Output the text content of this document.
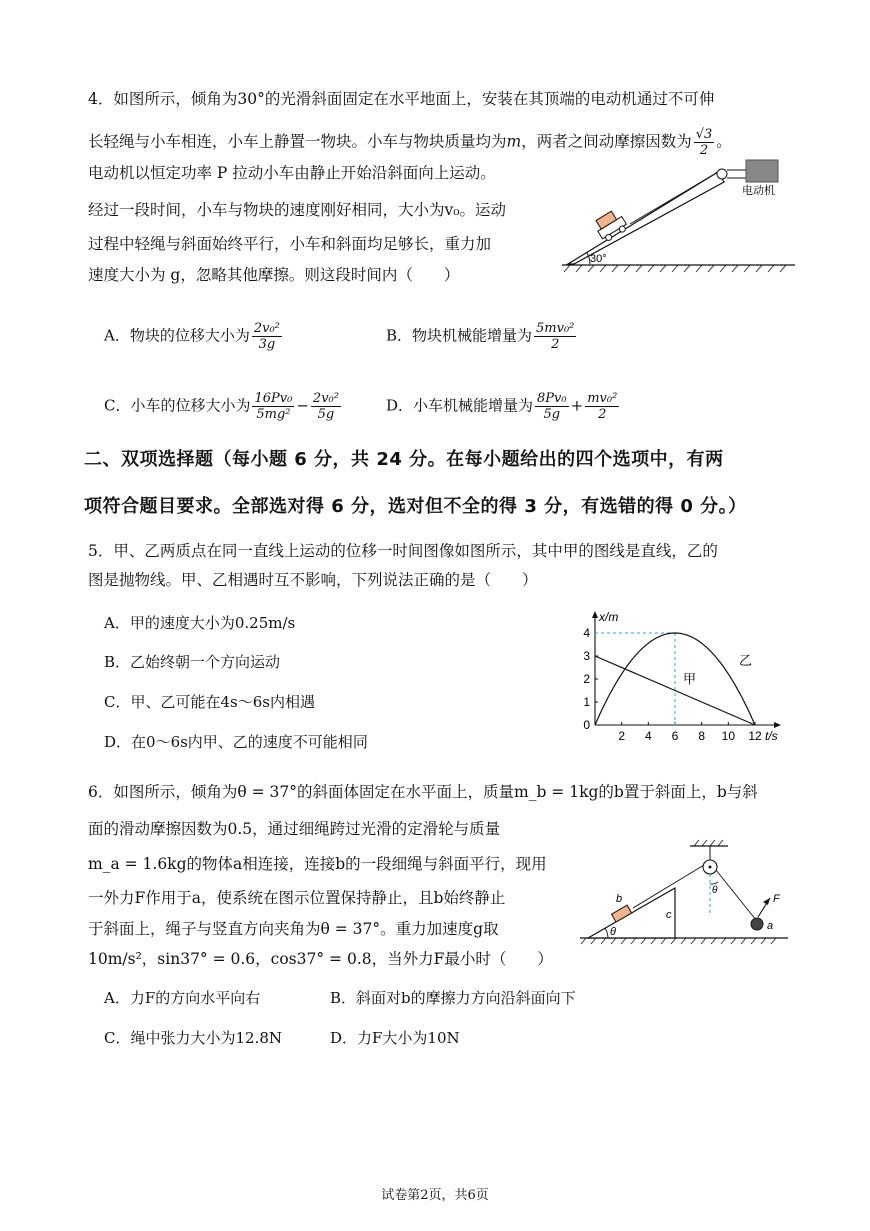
4．如图所示，倾角为30°的光滑斜面固定在水平地面上，安装在其顶端的电动机通过不可伸
长轻绳与小车相连，小车上静置一物块。小车与物块质量均为m，两者之间动摩擦因数为 $\frac{√3}{2}$ 。
电动机以恒定功率 P 拉动小车由静止开始沿斜面向上运动。
经过一段时间，小车与物块的速度刚好相同，大小为v₀。运动
过程中轻绳与斜面始终平行，小车和斜面均足够长，重力加
速度大小为 g，忽略其他摩擦。则这段时间内（　　）
30°
电动机
A．物块的位移大小为 $\frac{\text{2v₀²}}{3g}$	B．物块机械能增量为 $\frac{\text{5mv₀²}}{2}$
C．小车的位移大小为 $\frac{\text{16Pv₀}}{\text{5mg²}} - \frac{\text{2v₀²}}{5g}$	D．小车机械能增量为 $\frac{\text{8Pv₀}}{5g} + \frac{\text{mv₀²}}{2}$
二、双项选择题（每小题 6 分，共 24 分。在每小题给出的四个选项中，有两
项符合题目要求。全部选对得 6 分，选对但不全的得 3 分，有选错的得 0 分。）
5．甲、乙两质点在同一直线上运动的位移一时间图像如图所示，其中甲的图线是直线，乙的
图是抛物线。甲、乙相遇时互不影响，下列说法正确的是（　　）
A．甲的速度大小为0.25m/s
B．乙始终朝一个方向运动
C．甲、乙可能在4s～6s内相遇
D．在0～6s内甲、乙的速度不可能相同
x/m
t/s
2 4 6 8 10 12
0
1
2
3
4
甲
乙
6．如图所示，倾角为θ = 37°的斜面体固定在水平面上，质量m_b = 1kg的b置于斜面上，b与斜
面的滑动摩擦因数为0.5，通过细绳跨过光滑的定滑轮与质量
m_a = 1.6kg的物体a相连接，连接b的一段细绳与斜面平行，现用
一外力F作用于a，使系统在图示位置保持静止，且b始终静止
于斜面上，绳子与竖直方向夹角为θ = 37°。重力加速度g取
10m/s²，sin37° = 0.6，cos37° = 0.8，当外力F最小时（　　）
c
θ
b
θ
a
F
A．力F的方向水平向右	B．斜面对b的摩擦力方向沿斜面向下
C．绳中张力大小为12.8N	D．力F大小为10N
试卷第2页，共6页
